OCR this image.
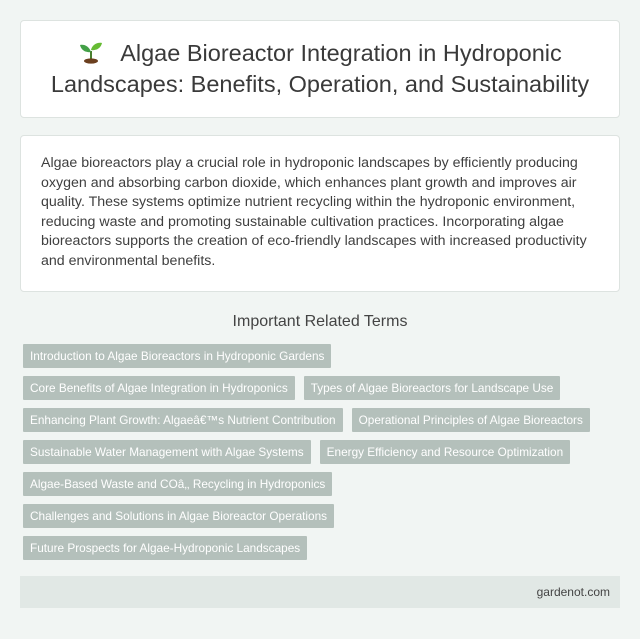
Algae Bioreactor Integration in Hydroponic Landscapes: Benefits, Operation, and Sustainability

Algae bioreactors play a crucial role in hydroponic landscapes by efficiently producing oxygen and absorbing carbon dioxide, which enhances plant growth and improves air quality. These systems optimize nutrient recycling within the hydroponic environment, reducing waste and promoting sustainable cultivation practices. Incorporating algae bioreactors supports the creation of eco-friendly landscapes with increased productivity and environmental benefits.

Important Related Terms
Introduction to Algae Bioreactors in Hydroponic Gardens
Core Benefits of Algae Integration in Hydroponics	Types of Algae Bioreactors for Landscape Use
Enhancing Plant Growth: Algaeâ€™s Nutrient Contribution	Operational Principles of Algae Bioreactors
Sustainable Water Management with Algae Systems	Energy Efficiency and Resource Optimization
Algae-Based Waste and COâ‚‚ Recycling in Hydroponics
Challenges and Solutions in Algae Bioreactor Operations
Future Prospects for Algae-Hydroponic Landscapes
gardenot.com
